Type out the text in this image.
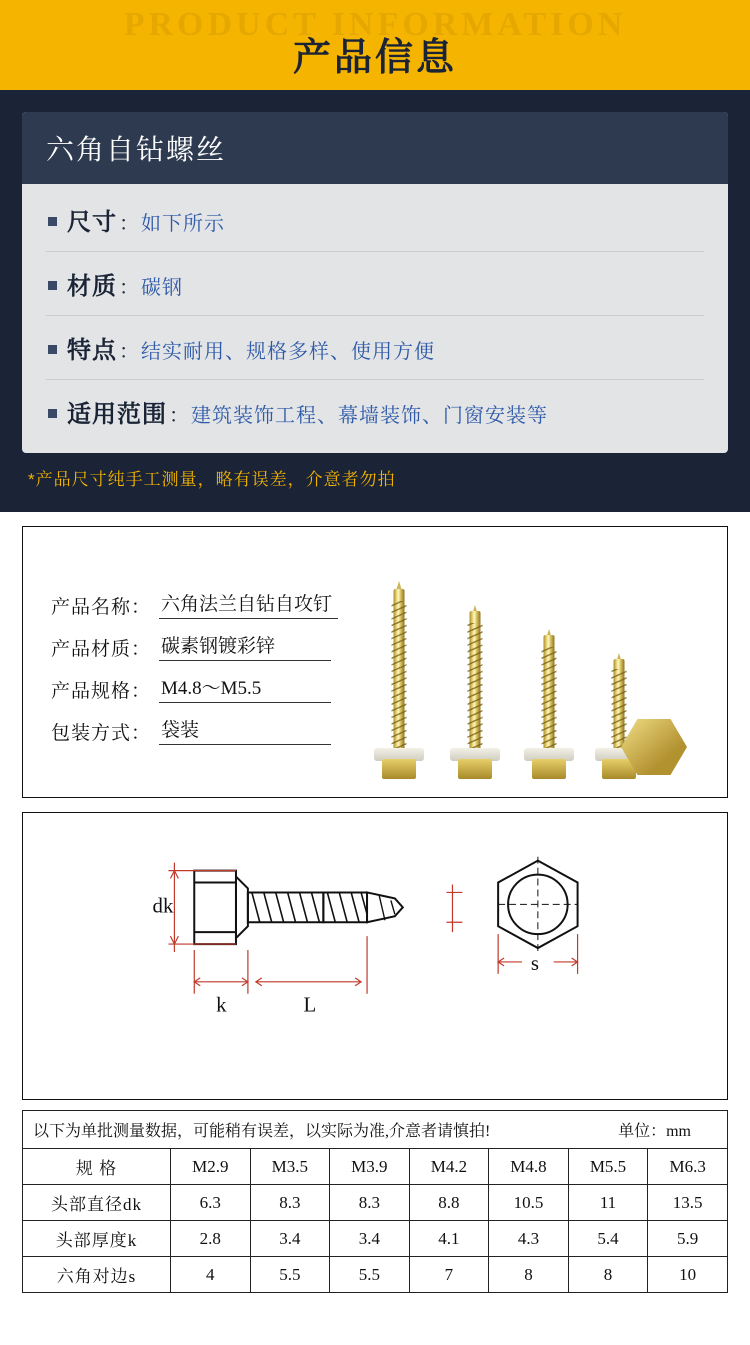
PRODUCT INFORMATION
产品信息
六角自钻螺丝
尺寸 ： 如下所示
材质 ： 碳钢
特点 ： 结实耐用、规格多样、使用方便
适用范围 ： 建筑装饰工程、幕墙装饰、门窗安装等
*产品尺寸纯手工测量，略有误差，介意者勿拍
产品名称： 六角法兰自钻自攻钉
产品材质： 碳素钢镀彩锌
产品规格： M4.8～M5.5
包装方式： 袋装
dk
k	L
s
以下为单批测量数据，可能稍有误差，以实际为准,介意者请慎拍! 单位：mm							

规 格	M2.9	M3.5	M3.9	M4.2	M4.8	M5.5	M6.3
头部直径dk	6.3	8.3	8.3	8.8	10.5	11	13.5
头部厚度k	2.8	3.4	3.4	4.1	4.3	5.4	5.9
六角对边s	4	5.5	5.5	7	8	8	10
